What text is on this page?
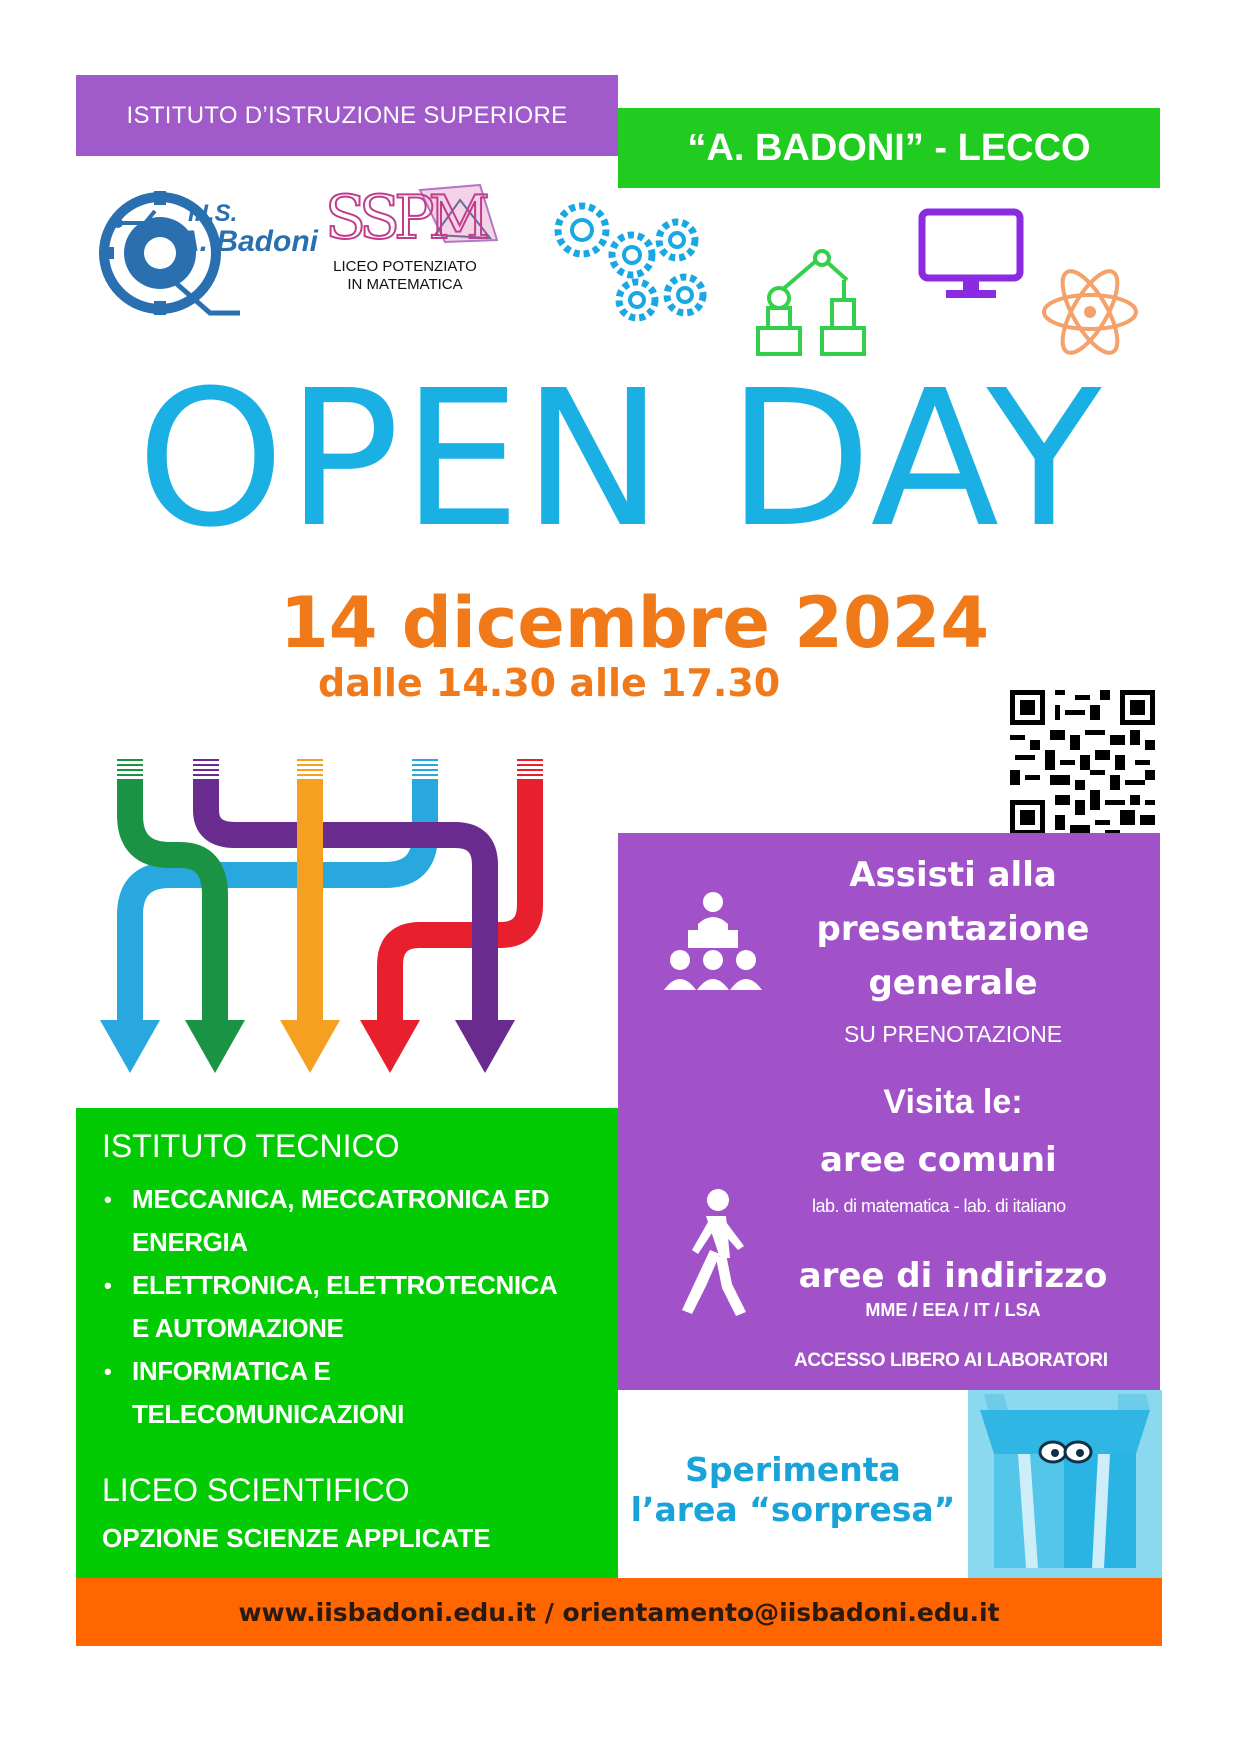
ISTITUTO D’ISTRUZIONE SUPERIORE
“A. BADONI” - LECCO
I.I.S.
A. Badoni SSPM
LICEO POTENZIATO
IN MATEMATICA
OPEN DAY
14 dicembre 2024
dalle 14.30 alle 17.30
ISTITUTO TECNICO
• MECCANICA, MECCATRONICA ED
ENERGIA
• ELETTRONICA, ELETTROTECNICA
E AUTOMAZIONE
• INFORMATICA E
TELECOMUNICAZIONI
LICEO SCIENTIFICO
OPZIONE SCIENZE APPLICATE
Assisti alla
presentazione
generale
SU PRENOTAZIONE
Visita le:
aree comuni
lab. di matematica - lab. di italiano
aree di indirizzo
MME / EEA / IT / LSA
ACCESSO LIBERO AI LABORATORI
Sperimenta
l’area “sorpresa”
www.iisbadoni.edu.it / orientamento@iisbadoni.edu.it
